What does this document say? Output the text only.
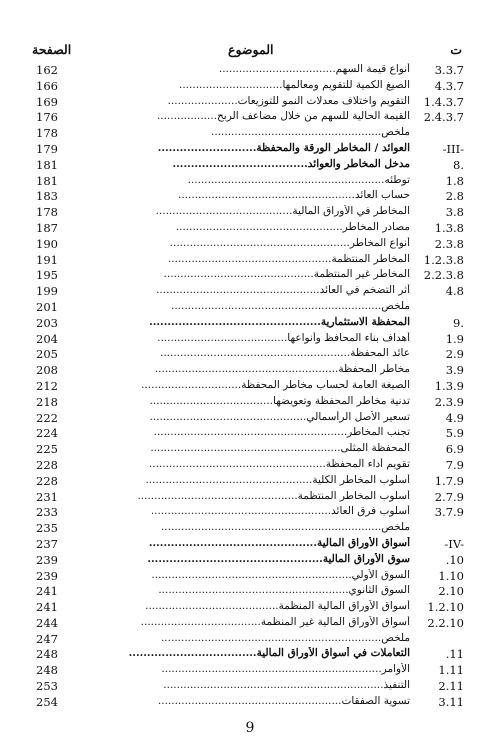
الصفحة	الموضوع	ت
162	أنواع قيمة السهم................................... 3.3.7
166	الصيغ الكمية للتقويم ومعالمها............................... 4.3.7
169	التقويم واختلاف معدلات النمو للتوزيعات..................... 1.4.3.7
176	القيمة الحالية للسهم من خلال مضاعف الربح.................. 2.4.3.7
178	ملخص...................................................
179	العوائد / المخاطر الورقة والمحفظة...........................	-III-
181	مدخل المخاطر والعوائد.....................................	8.
181	توطئه...........................................................	1.8
183	حساب العائد.....................................................	2.8
178	المخاطر في الأوراق المالية.........................................	3.8
187	مصادر المخاطر.................................................. 1.3.8
190	أنواع المخاطر...................................................... 2.3.8
191	المخاطر المنتظمة................................................. 1.2.3.8
195	المخاطر غير المنتظمة............................................. 2.2.3.8
199	أثر التضخم في العائد.................................................	4.8
201	ملخص...............................................................
203	المحفظة الاستثمارية...............................................	9.
204	أهداف بناء المحافظ وأنواعها.......................................	1.9
205	عائد المحفظة.........................................................	2.9
208	مخاطر المحفظة.......................................................	3.9
212	الصيغة العامة لحساب مخاطر المحفظة.............................. 1.3.9
218	تدنية مخاطر المحفظة وتعويضها..................................... 2.3.9
222	تسعير الأصل الرأسمالي...............................................	4.9
224	تجنب المخاطر..........................................................	5.9
225	المحفظة المثلى.........................................................	6.9
228	تقويم أداء المحفظة.....................................................	7.9
228	أسلوب المخاطر الكلية.................................................. 1.7.9
231	أسلوب المخاطر المنتظمة................................................ 2.7.9
233	أسلوب فرق العائد...................................................... 3.7.9
235	ملخص..................................................................
237	أسواق الأوراق المالية..............................................	-IV-
239	سوق الأوراق المالية................................................	.10
239	السوق الأولي............................................................ 1.10
241	السوق الثانوي......................................................... 2.10
241	أسواق الأوراق المالية المنظمة........................................ 1.2.10
244	أسواق الأوراق المالية غير المنظمة.................................... 2.2.10
247	ملخص..................................................................
248	التعاملات في أسواق الأوراق المالية...................................	.11
248	الأوامر.................................................................. 1.11
253	التنفيذ.................................................................. 2.11
254	تسوية الصفقات....................................................... 3.11
9
